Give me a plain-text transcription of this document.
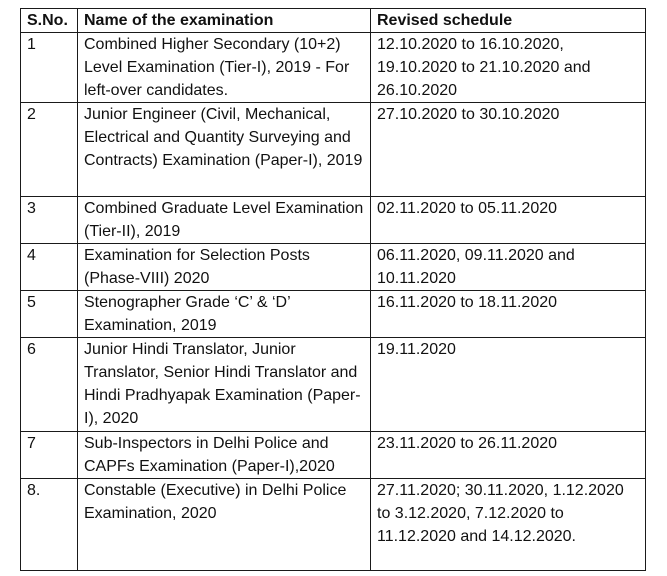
S.No.	Name of the examination	Revised schedule
1	Combined Higher Secondary (10+2) Level Examination (Tier-I), 2019 - For left-over candidates.	12.10.2020 to 16.10.2020, 19.10.2020 to 21.10.2020 and 26.10.2020
2	Junior Engineer (Civil, Mechanical, Electrical and Quantity Surveying and Contracts) Examination (Paper-I), 2019	27.10.2020 to 30.10.2020
3	Combined Graduate Level Examination (Tier-II), 2019	02.11.2020 to 05.11.2020
4	Examination for Selection Posts (Phase-VIII) 2020	06.11.2020, 09.11.2020 and 10.11.2020
5	Stenographer Grade ‘C’ & ‘D’ Examination, 2019	16.11.2020 to 18.11.2020
6	Junior Hindi Translator, Junior Translator, Senior Hindi Translator and Hindi Pradhyapak Examination (Paper-I), 2020	19.11.2020
7	Sub-Inspectors in Delhi Police and CAPFs Examination (Paper-I),2020	23.11.2020 to 26.11.2020
8.	Constable (Executive) in Delhi Police Examination, 2020	27.11.2020; 30.11.2020, 1.12.2020 to 3.12.2020, 7.12.2020 to 11.12.2020 and 14.12.2020.
